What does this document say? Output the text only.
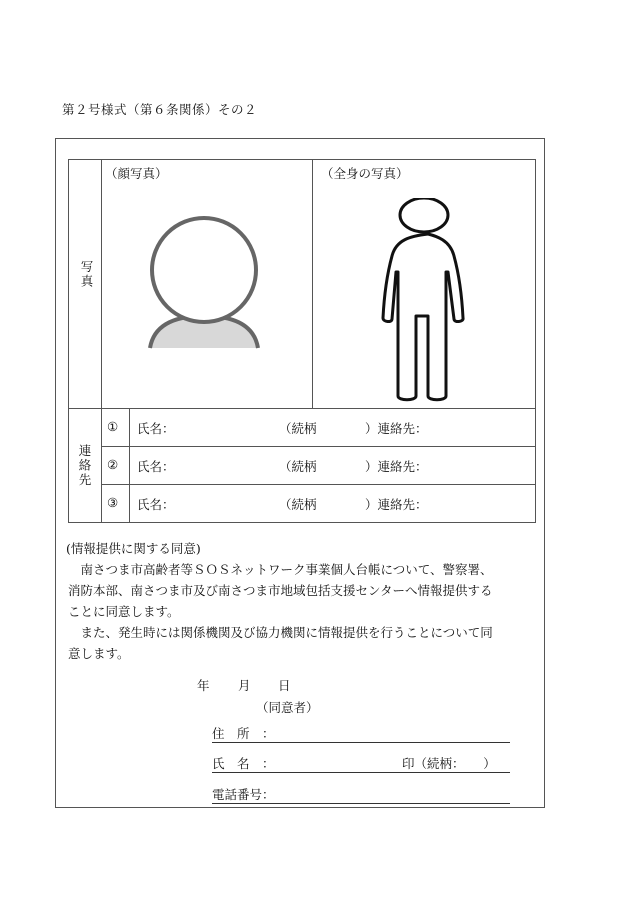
第２号様式（第６条関係）その２
写真
（顔写真）	（全身の写真）
連絡先
① 氏名：	（続柄	）連絡先：
② 氏名：	（続柄	）連絡先：
③ 氏名：	（続柄	）連絡先：
(情報提供に関する同意)
　南さつま市高齢者等ＳＯＳネットワーク事業個人台帳について、警察署、
消防本部、南さつま市及び南さつま市地域包括支援センターへ情報提供する
ことに同意します。
　また、発生時には関係機関及び協力機関に情報提供を行うことについて同
意します。
年 月 日
（同意者）
住　所　：
氏　名　：	印（続柄：　　）
電話番号：
